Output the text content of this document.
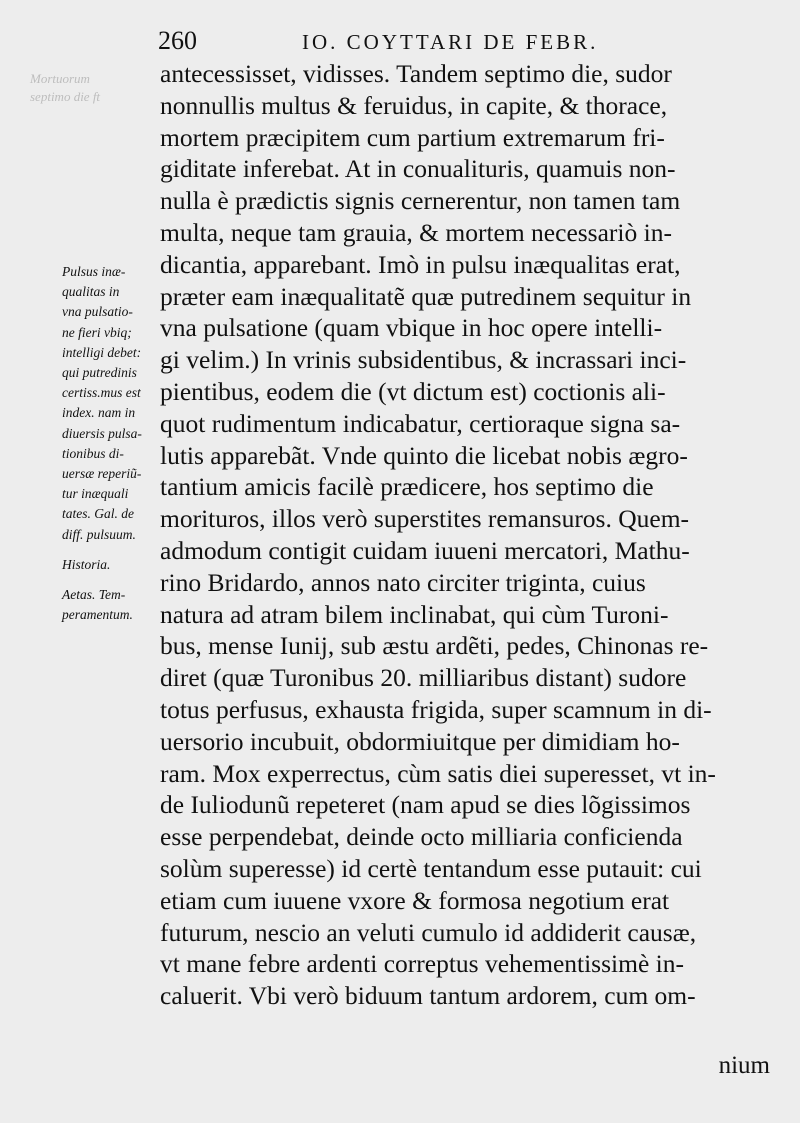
260	IO. COYTTARI DE FEBR.
Mortuorum
septimo die ft
Pulsus inæ-
qualitas in
vna pulsatio-
ne fieri vbiq;
intelligi debet:
qui putredinis
certiss.mus est
index. nam in
diuersis pulsa-
tionibus di-
uersæ reperiũ-
tur inæquali
tates. Gal. de
diff. pulsuum.
Historia.
Aetas. Tem-
peramentum.
antecessisset, vidisses. Tandem septimo die, sudor
nonnullis multus & feruidus, in capite, & thorace,
mortem præcipitem cum partium extremarum fri-
giditate inferebat. At in conualituris, quamuis non-
nulla è prædictis signis cernerentur, non tamen tam
multa, neque tam grauia, & mortem necessariò in-
dicantia, apparebant. Imò in pulsu inæqualitas erat,
præter eam inæqualitatẽ quæ putredinem sequitur in
vna pulsatione (quam vbique in hoc opere intelli-
gi velim.) In vrinis subsidentibus, & incrassari inci-
pientibus, eodem die (vt dictum est) coctionis ali-
quot rudimentum indicabatur, certioraque signa sa-
lutis apparebãt. Vnde quinto die licebat nobis ægro-
tantium amicis facilè prædicere, hos septimo die
morituros, illos verò superstites remansuros. Quem-
admodum contigit cuidam iuueni mercatori, Mathu-
rino Bridardo, annos nato circiter triginta, cuius
natura ad atram bilem inclinabat, qui cùm Turoni-
bus, mense Iunij, sub æstu ardẽti, pedes, Chinonas re-
diret (quæ Turonibus 20. milliaribus distant) sudore
totus perfusus, exhausta frigida, super scamnum in di-
uersorio incubuit, obdormiuitque per dimidiam ho-
ram. Mox experrectus, cùm satis diei superesset, vt in-
de Iuliodunũ repeteret (nam apud se dies lõgissimos
esse perpendebat, deinde octo milliaria conficienda
solùm superesse) id certè tentandum esse putauit: cui
etiam cum iuuene vxore & formosa negotium erat
futurum, nescio an veluti cumulo id addiderit causæ,
vt mane febre ardenti correptus vehementissimè in-
caluerit. Vbi verò biduum tantum ardorem, cum om-
nium
